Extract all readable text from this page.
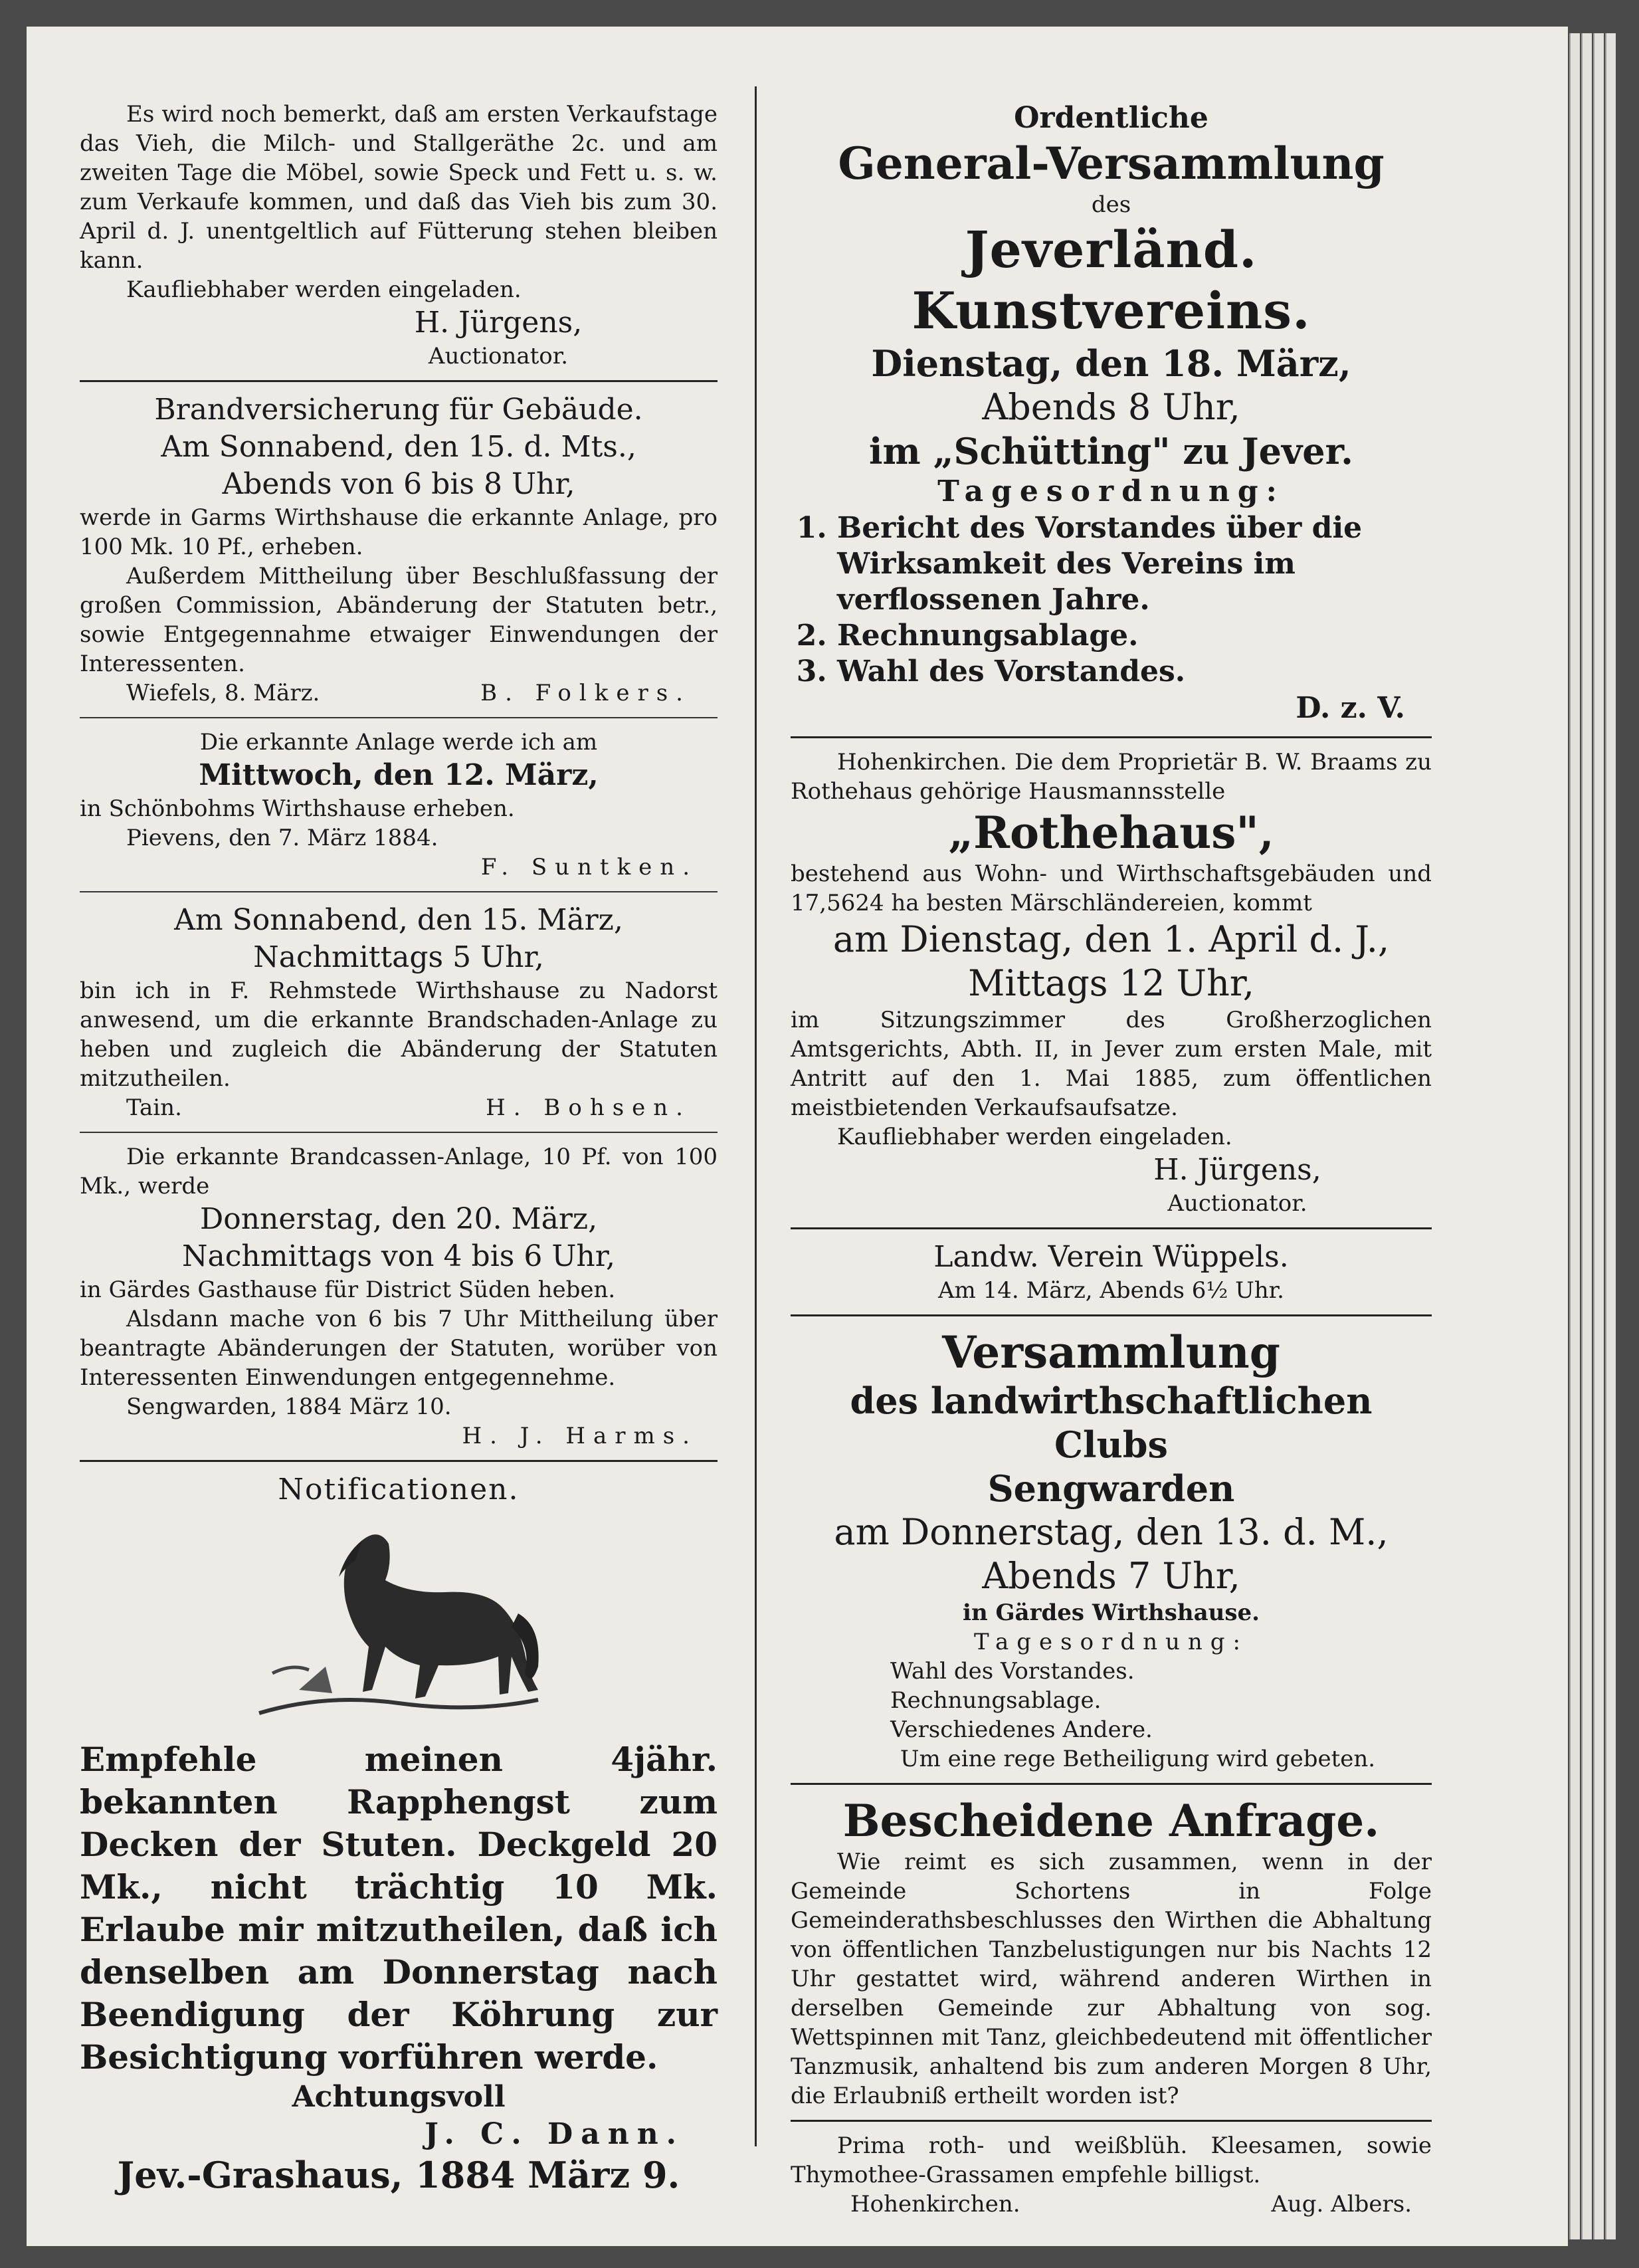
Es wird noch bemerkt, daß am ersten Verkaufstage das Vieh, die Milch- und Stallgeräthe 2c. und am zweiten Tage die Möbel, sowie Speck und Fett u. s. w. zum Verkaufe kommen, und daß das Vieh bis zum 30. April d. J. unentgeltlich auf Fütterung stehen bleiben kann.

Kaufliebhaber werden eingeladen.

H. Jürgens,

Auctionator.

Brandversicherung für Gebäude.

Am Sonnabend, den 15. d. Mts.,

Abends von 6 bis 8 Uhr,

werde in Garms Wirthshause die erkannte Anlage, pro 100 Mk. 10 Pf., erheben.

Außerdem Mittheilung über Beschlußfassung der großen Commission, Abänderung der Statuten betr., sowie Entgegennahme etwaiger Einwendungen der Interessenten.

Wiefels, 8. März.	B. Folkers.

Die erkannte Anlage werde ich am

Mittwoch, den 12. März,

in Schönbohms Wirthshause erheben.

Pievens, den 7. März 1884.

F. Suntken.

Am Sonnabend, den 15. März,

Nachmittags 5 Uhr,

bin ich in F. Rehmstede Wirthshause zu Nadorst anwesend, um die erkannte Brandschaden-Anlage zu heben und zugleich die Abänderung der Statuten mitzutheilen.

Tain.	H. Bohsen.

Die erkannte Brandcassen-Anlage, 10 Pf. von 100 Mk., werde

Donnerstag, den 20. März,

Nachmittags von 4 bis 6 Uhr,

in Gärdes Gasthause für District Süden heben.

Alsdann mache von 6 bis 7 Uhr Mittheilung über beantragte Abänderungen der Statuten, worüber von Interessenten Einwendungen entgegennehme.

Sengwarden, 1884 März 10.

H. J. Harms.

Notificationen.

Empfehle meinen 4jähr. bekannten Rapphengst zum Decken der Stuten. Deckgeld 20 Mk., nicht trächtig 10 Mk. Erlaube mir mitzutheilen, daß ich denselben am Donnerstag nach Beendigung der Köhrung zur Besichtigung vorführen werde.

Achtungsvoll

J. C. Dann.

Jev.-Grashaus, 1884 März 9.

Ordentliche

General-Versammlung

des

Jeverländ. Kunstvereins.

Dienstag, den 18. März,

Abends 8 Uhr,

im „Schütting" zu Jever.

Tagesordnung:

1. Bericht des Vorstandes über die Wirksamkeit des Vereins im verflossenen Jahre.
2. Rechnungsablage.
3. Wahl des Vorstandes.

D. z. V.

Hohenkirchen. Die dem Proprietär B. W. Braams zu Rothehaus gehörige Hausmannsstelle

„Rothehaus",

bestehend aus Wohn- und Wirthschaftsgebäuden und 17,5624 ha besten Märschländereien, kommt

am Dienstag, den 1. April d. J.,

Mittags 12 Uhr,

im Sitzungszimmer des Großherzoglichen Amtsgerichts, Abth. II, in Jever zum ersten Male, mit Antritt auf den 1. Mai 1885, zum öffentlichen meistbietenden Verkaufsaufsatze.

Kaufliebhaber werden eingeladen.

H. Jürgens,

Auctionator.

Landw. Verein Wüppels.

Am 14. März, Abends 6½ Uhr.

Versammlung

des landwirthschaftlichen Clubs

Sengwarden

am Donnerstag, den 13. d. M.,

Abends 7 Uhr,

in Gärdes Wirthshause.

Tagesordnung:

Wahl des Vorstandes.

Rechnungsablage.

Verschiedenes Andere.

Um eine rege Betheiligung wird gebeten.

Bescheidene Anfrage.

Wie reimt es sich zusammen, wenn in der Gemeinde Schortens in Folge Gemeinderathsbeschlusses den Wirthen die Abhaltung von öffentlichen Tanzbelustigungen nur bis Nachts 12 Uhr gestattet wird, während anderen Wirthen in derselben Gemeinde zur Abhaltung von sog. Wettspinnen mit Tanz, gleichbedeutend mit öffentlicher Tanzmusik, anhaltend bis zum anderen Morgen 8 Uhr, die Erlaubniß ertheilt worden ist?

Prima roth- und weißblüh. Kleesamen, sowie Thymothee-Grassamen empfehle billigst.

Hohenkirchen.	Aug. Albers.
